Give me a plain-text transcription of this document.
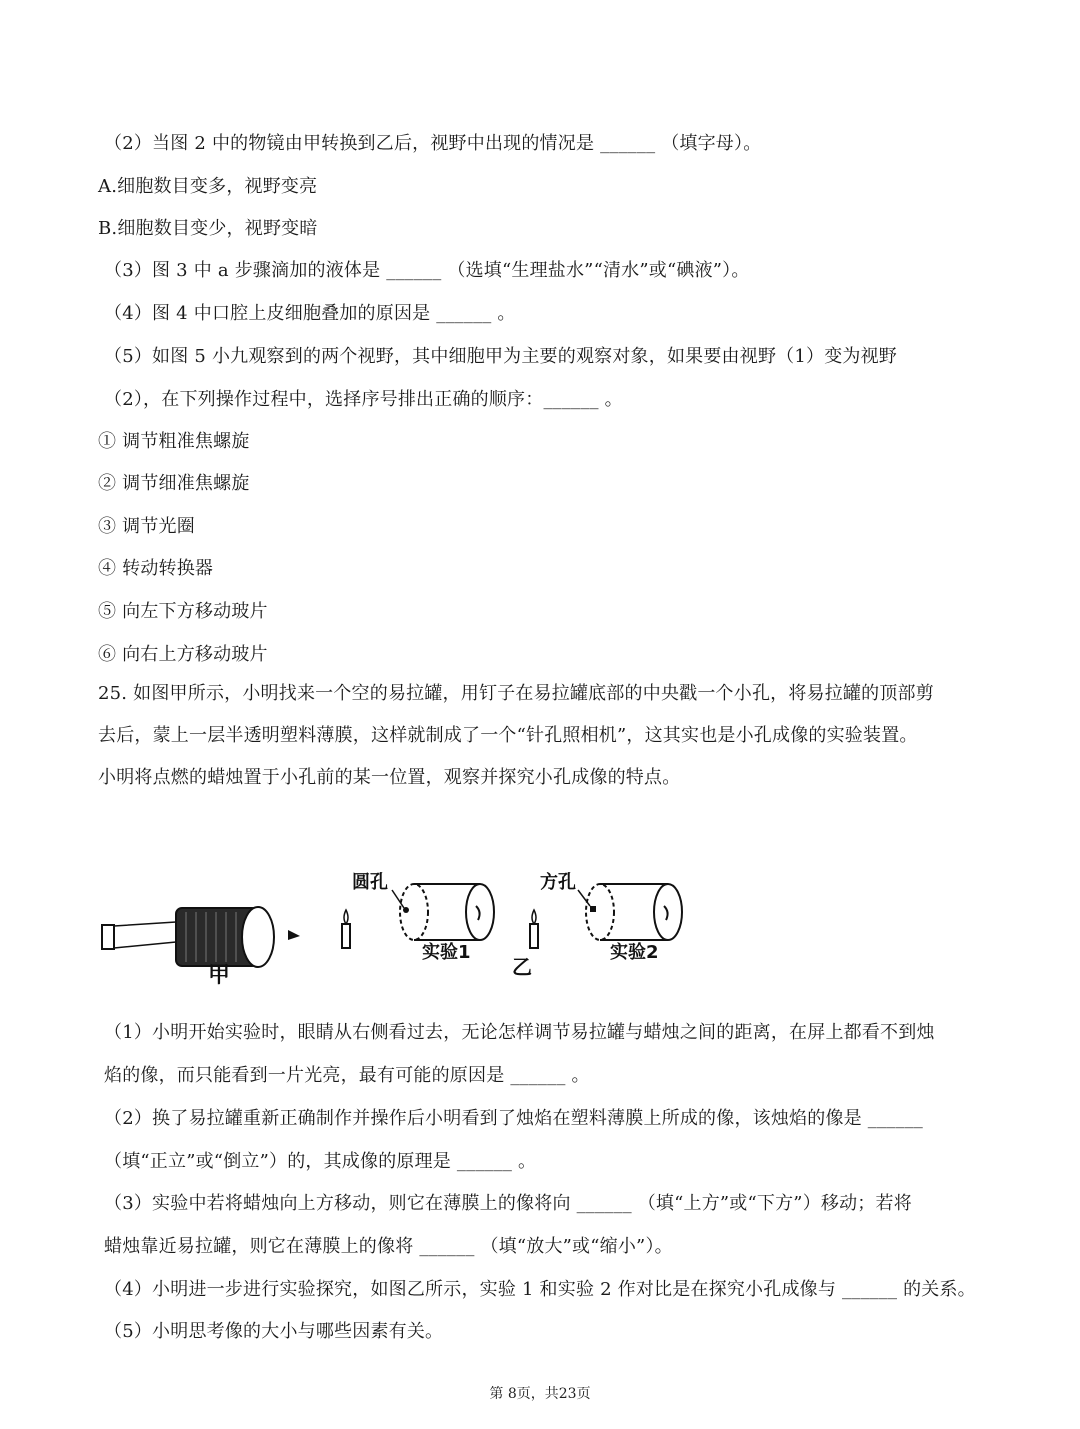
（2）当图 2 中的物镜由甲转换到乙后，视野中出现的情况是 ______ （填字母）。
A.细胞数目变多，视野变亮
B.细胞数目变少，视野变暗
（3）图 3 中 a 步骤滴加的液体是 ______ （选填“生理盐水”“清水”或“碘液”）。
（4）图 4 中口腔上皮细胞叠加的原因是 ______ 。
（5）如图 5 小九观察到的两个视野，其中细胞甲为主要的观察对象，如果要由视野（1）变为视野
（2），在下列操作过程中，选择序号排出正确的顺序：______ 。
① 调节粗准焦螺旋
② 调节细准焦螺旋
③ 调节光圈
④ 转动转换器
⑤ 向左下方移动玻片
⑥ 向右上方移动玻片
25. 如图甲所示，小明找来一个空的易拉罐，用钉子在易拉罐底部的中央戳一个小孔，将易拉罐的顶部剪
去后，蒙上一层半透明塑料薄膜，这样就制成了一个“针孔照相机”，这其实也是小孔成像的实验装置。
小明将点燃的蜡烛置于小孔前的某一位置，观察并探究小孔成像的特点。
甲
圆孔
实验1
乙
方孔
实验2
（1）小明开始实验时，眼睛从右侧看过去，无论怎样调节易拉罐与蜡烛之间的距离，在屏上都看不到烛
焰的像，而只能看到一片光亮，最有可能的原因是 ______ 。
（2）换了易拉罐重新正确制作并操作后小明看到了烛焰在塑料薄膜上所成的像，该烛焰的像是 ______
（填“正立”或“倒立”）的，其成像的原理是 ______ 。
（3）实验中若将蜡烛向上方移动，则它在薄膜上的像将向 ______ （填“上方”或“下方”）移动；若将
蜡烛靠近易拉罐，则它在薄膜上的像将 ______ （填“放大”或“缩小”）。
（4）小明进一步进行实验探究，如图乙所示，实验 1 和实验 2 作对比是在探究小孔成像与 ______ 的关系。
（5）小明思考像的大小与哪些因素有关。
第 8页，共23页
